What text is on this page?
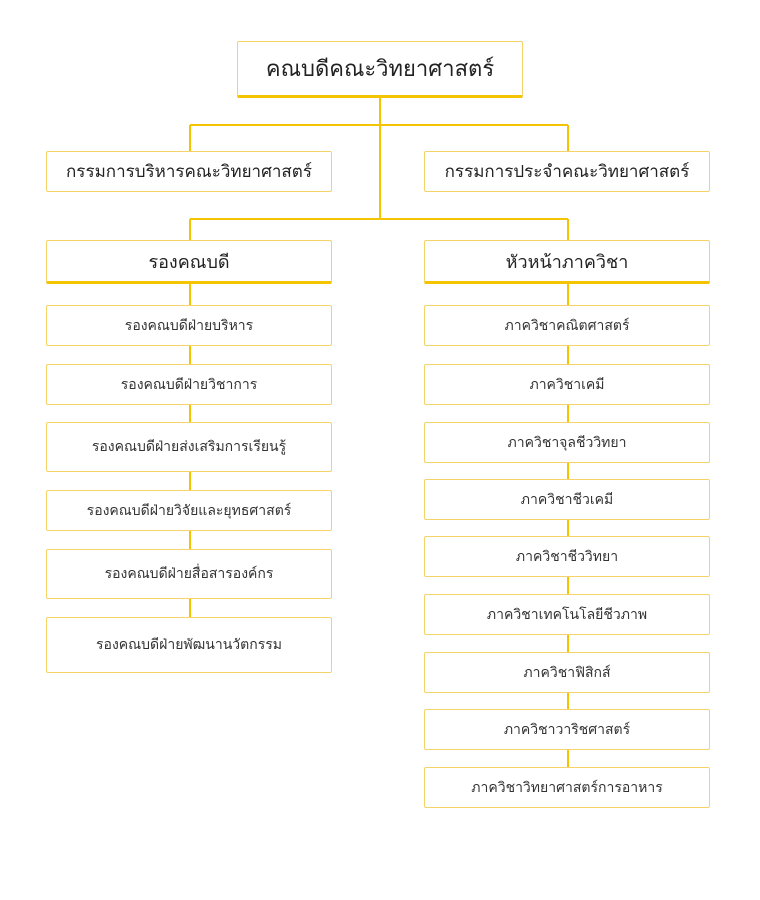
คณบดีคณะวิทยาศาสตร์
กรรมการบริหารคณะวิทยาศาสตร์	กรรมการประจำคณะวิทยาศาสตร์
รองคณบดี	หัวหน้าภาควิชา
รองคณบดีฝ่ายบริหาร
รองคณบดีฝ่ายวิชาการ
รองคณบดีฝ่ายส่งเสริมการเรียนรู้
รองคณบดีฝ่ายวิจัยและยุทธศาสตร์
รองคณบดีฝ่ายสื่อสารองค์กร
รองคณบดีฝ่ายพัฒนานวัตกรรม
ภาควิชาคณิตศาสตร์
ภาควิชาเคมี
ภาควิชาจุลชีววิทยา
ภาควิชาชีวเคมี
ภาควิชาชีววิทยา
ภาควิชาเทคโนโลยีชีวภาพ
ภาควิชาฟิสิกส์
ภาควิชาวาริชศาสตร์
ภาควิชาวิทยาศาสตร์การอาหาร
